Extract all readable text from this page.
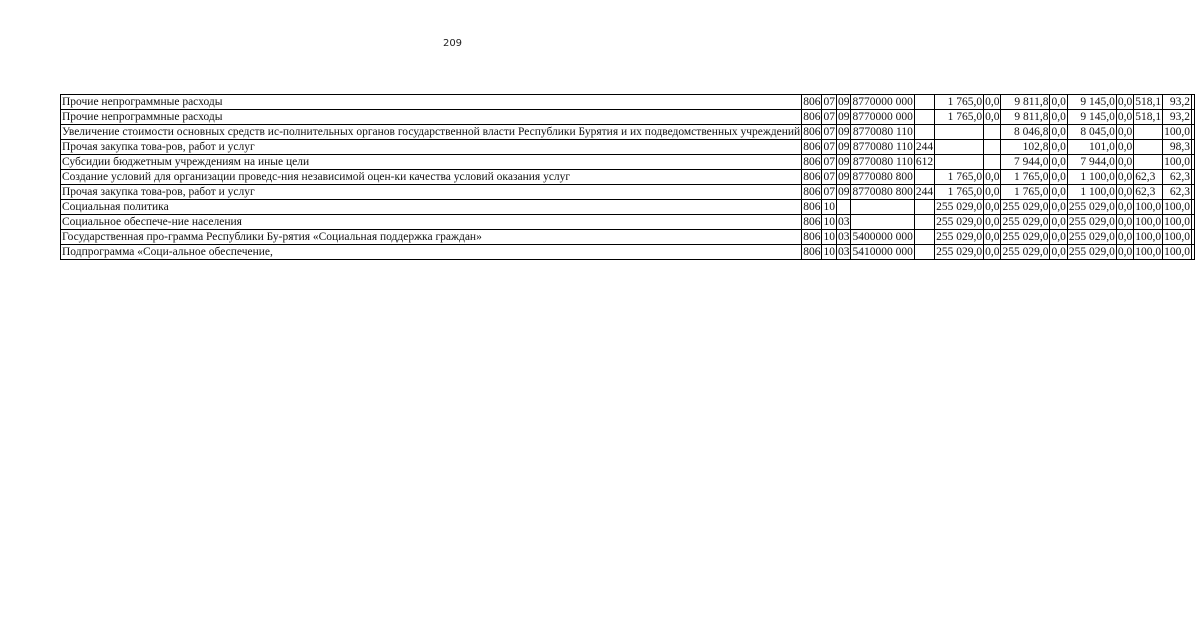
209
Прочие непрограммные расходы	806	07	09	8770000 000		1 765,0	0,0	9 811,8	0,0	9 145,0	0,0	518,1	93,2	
Прочие непрограммные расходы	806	07	09	8770000 000		1 765,0	0,0	9 811,8	0,0	9 145,0	0,0	518,1	93,2	
Увеличение стоимости основных средств ис-полнительных органов государственной власти Республики Бурятия и их подведомственных учреждений	806	07	09	8770080 110				8 046,8	0,0	8 045,0	0,0		100,0	
Прочая закупка това-ров, работ и услуг	806	07	09	8770080 110	244			102,8	0,0	101,0	0,0		98,3	
Субсидии бюджетным учреждениям на иные цели	806	07	09	8770080 110	612			7 944,0	0,0	7 944,0	0,0		100,0	
Создание условий для организации проведс-ния независимой оцен-ки качества условий оказания услуг	806	07	09	8770080 800		1 765,0	0,0	1 765,0	0,0	1 100,0	0,0	62,3	62,3	
Прочая закупка това-ров, работ и услуг	806	07	09	8770080 800	244	1 765,0	0,0	1 765,0	0,0	1 100,0	0,0	62,3	62,3	
Социальная политика	806	10				255 029,0	0,0	255 029,0	0,0	255 029,0	0,0	100,0	100,0	
Социальное обеспече-ние населения	806	10	03			255 029,0	0,0	255 029,0	0,0	255 029,0	0,0	100,0	100,0	
Государственная про-грамма Республики Бу-рятия «Социальная поддержка граждан»	806	10	03	5400000 000		255 029,0	0,0	255 029,0	0,0	255 029,0	0,0	100,0	100,0	
Подпрограмма «Соци-альное обеспечение,	806	10	03	5410000 000		255 029,0	0,0	255 029,0	0,0	255 029,0	0,0	100,0	100,0	
